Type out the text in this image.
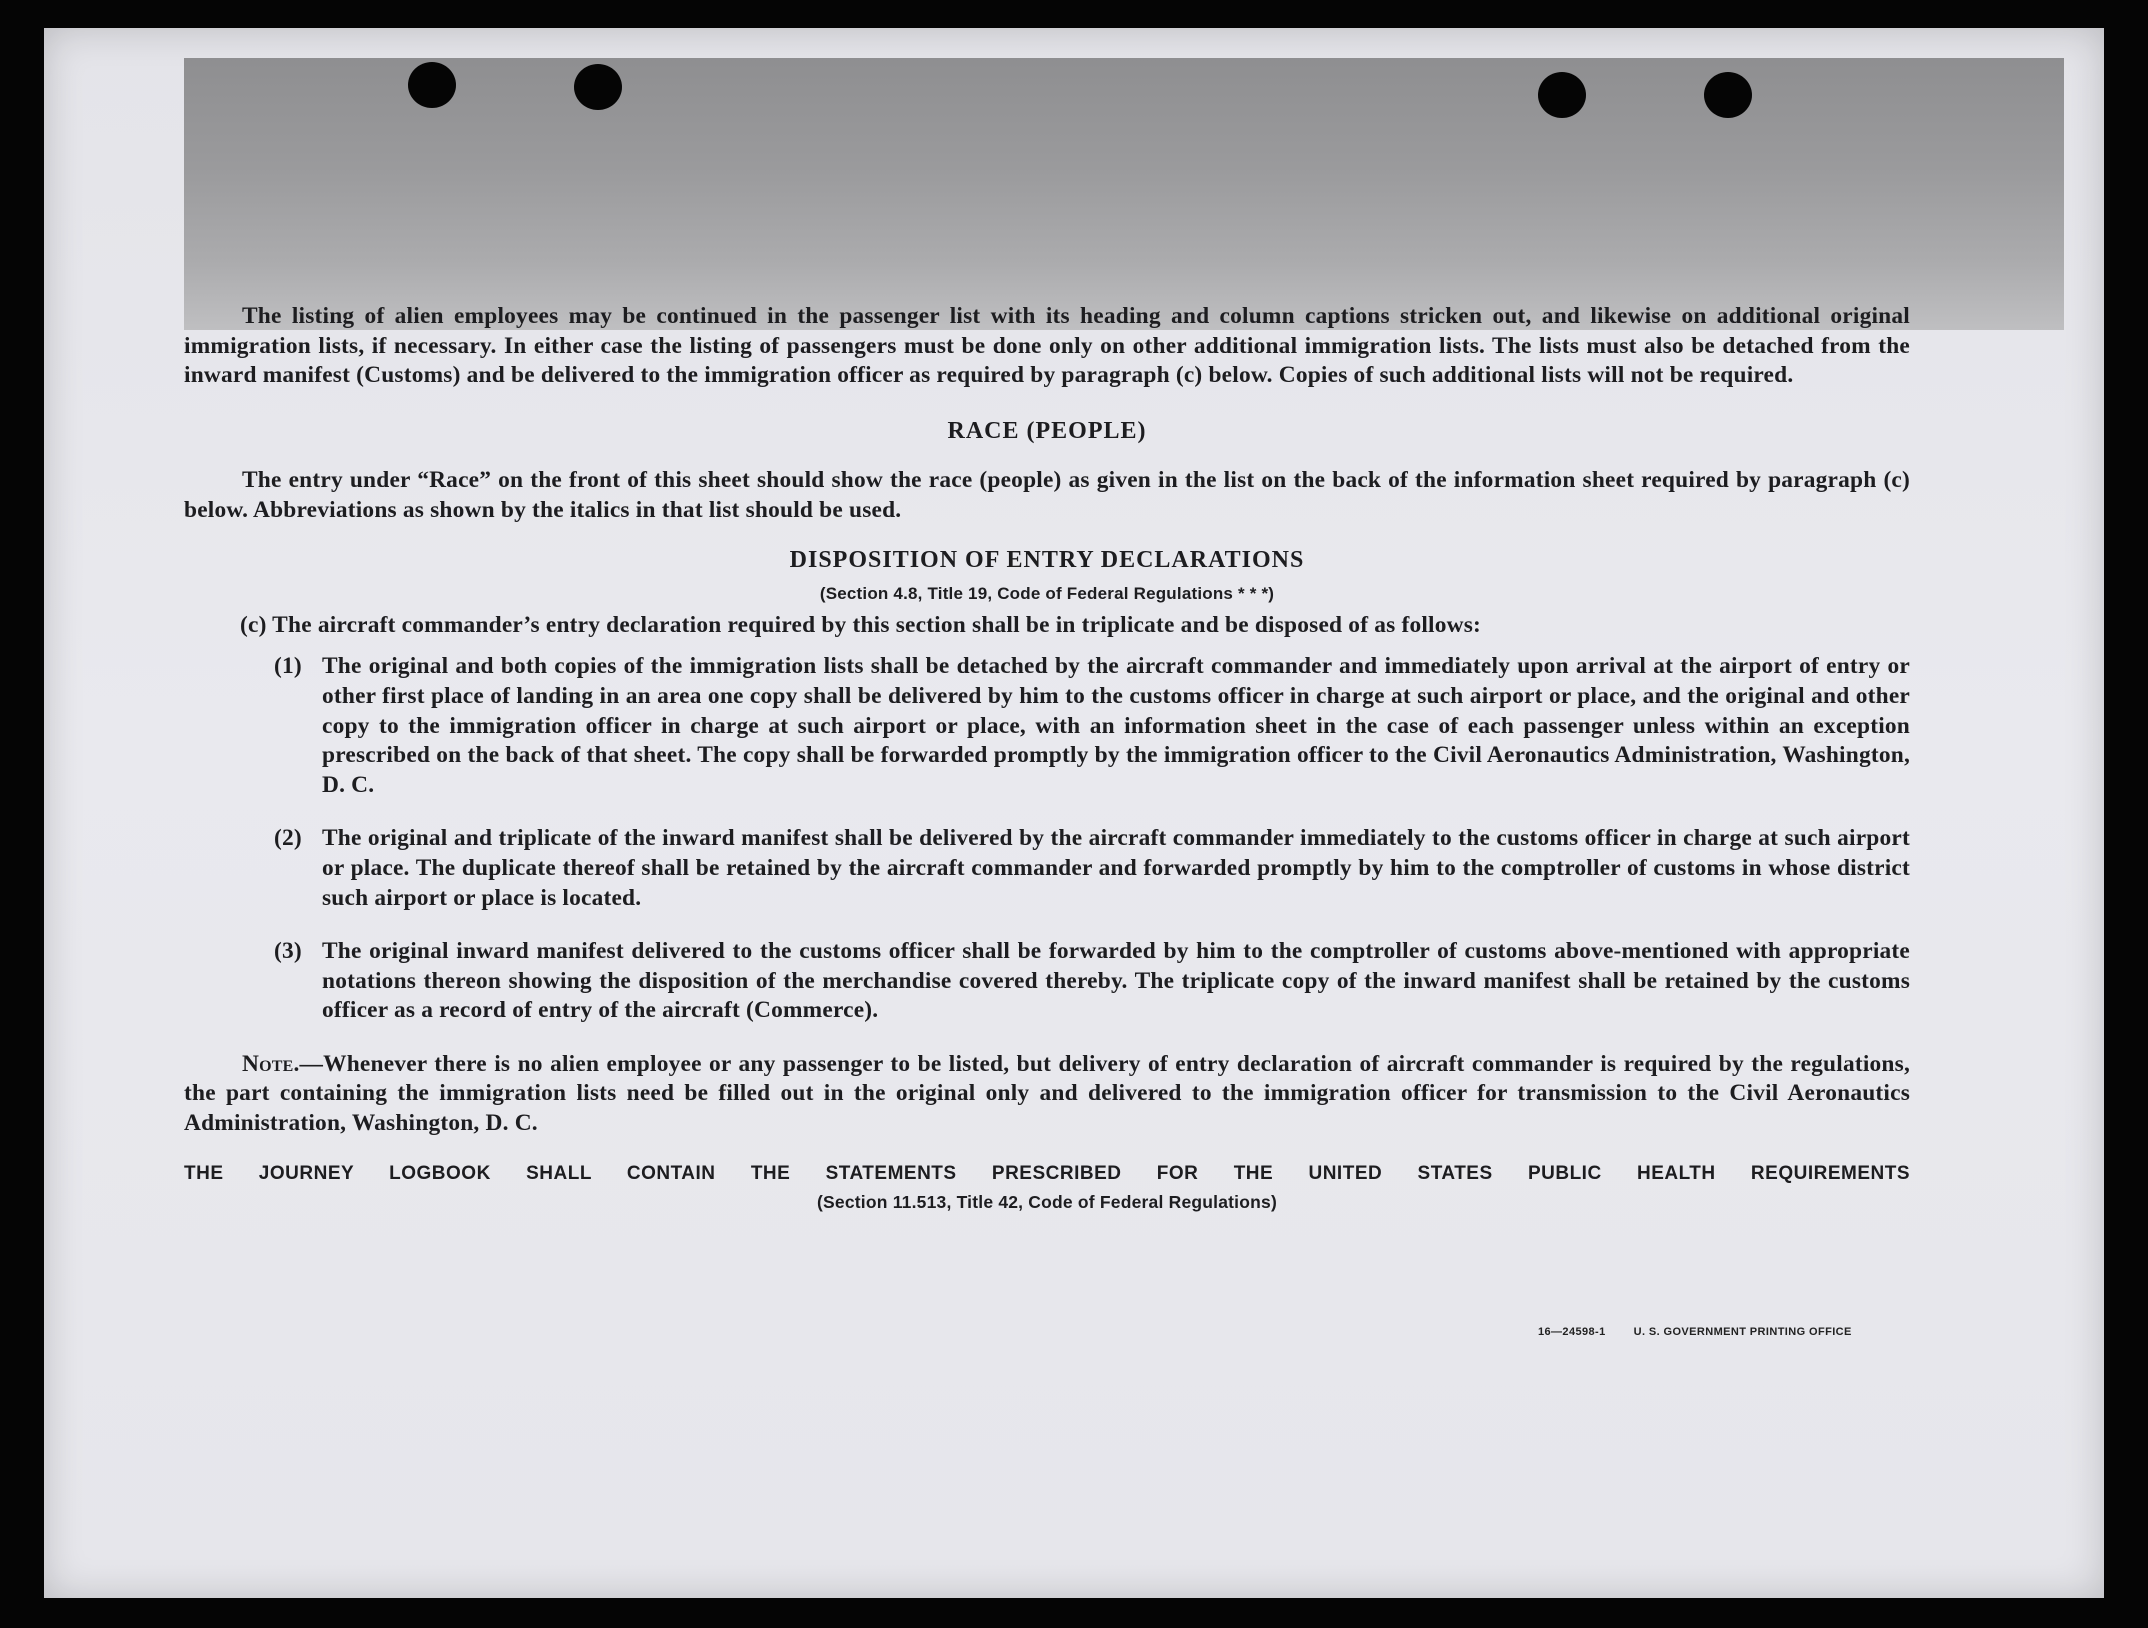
The listing of alien employees may be continued in the passenger list with its heading and column captions stricken out, and likewise on additional original immigration lists, if necessary. In either case the listing of passengers must be done only on other additional immigration lists. The lists must also be detached from the inward manifest (Customs) and be delivered to the immigration officer as required by paragraph (c) below. Copies of such additional lists will not be required.

RACE (PEOPLE)

The entry under “Race” on the front of this sheet should show the race (people) as given in the list on the back of the information sheet required by paragraph (c) below. Abbreviations as shown by the italics in that list should be used.

DISPOSITION OF ENTRY DECLARATIONS

(Section 4.8, Title 19, Code of Federal Regulations * * *)

(c) The aircraft commander’s entry declaration required by this section shall be in triplicate and be disposed of as follows:

(1) The original and both copies of the immigration lists shall be detached by the aircraft commander and immediately upon arrival at the airport of entry or other first place of landing in an area one copy shall be delivered by him to the customs officer in charge at such airport or place, and the original and other copy to the immigration officer in charge at such airport or place, with an information sheet in the case of each passenger unless within an exception prescribed on the back of that sheet. The copy shall be forwarded promptly by the immigration officer to the Civil Aeronautics Administration, Washington, D. C.
(2) The original and triplicate of the inward manifest shall be delivered by the aircraft commander immediately to the customs officer in charge at such airport or place. The duplicate thereof shall be retained by the aircraft commander and forwarded promptly by him to the comptroller of customs in whose district such airport or place is located.
(3) The original inward manifest delivered to the customs officer shall be forwarded by him to the comptroller of customs above-mentioned with appropriate notations thereon showing the disposition of the merchandise covered thereby. The triplicate copy of the inward manifest shall be retained by the customs officer as a record of entry of the aircraft (Commerce).

Note.—Whenever there is no alien employee or any passenger to be listed, but delivery of entry declaration of aircraft commander is required by the regulations, the part containing the immigration lists need be filled out in the original only and delivered to the immigration officer for transmission to the Civil Aeronautics Administration, Washington, D. C.

THE JOURNEY LOGBOOK SHALL CONTAIN THE STATEMENTS PRESCRIBED FOR THE UNITED STATES PUBLIC HEALTH REQUIREMENTS

(Section 11.513, Title 42, Code of Federal Regulations)

16—24598-1	U. S. GOVERNMENT PRINTING OFFICE
